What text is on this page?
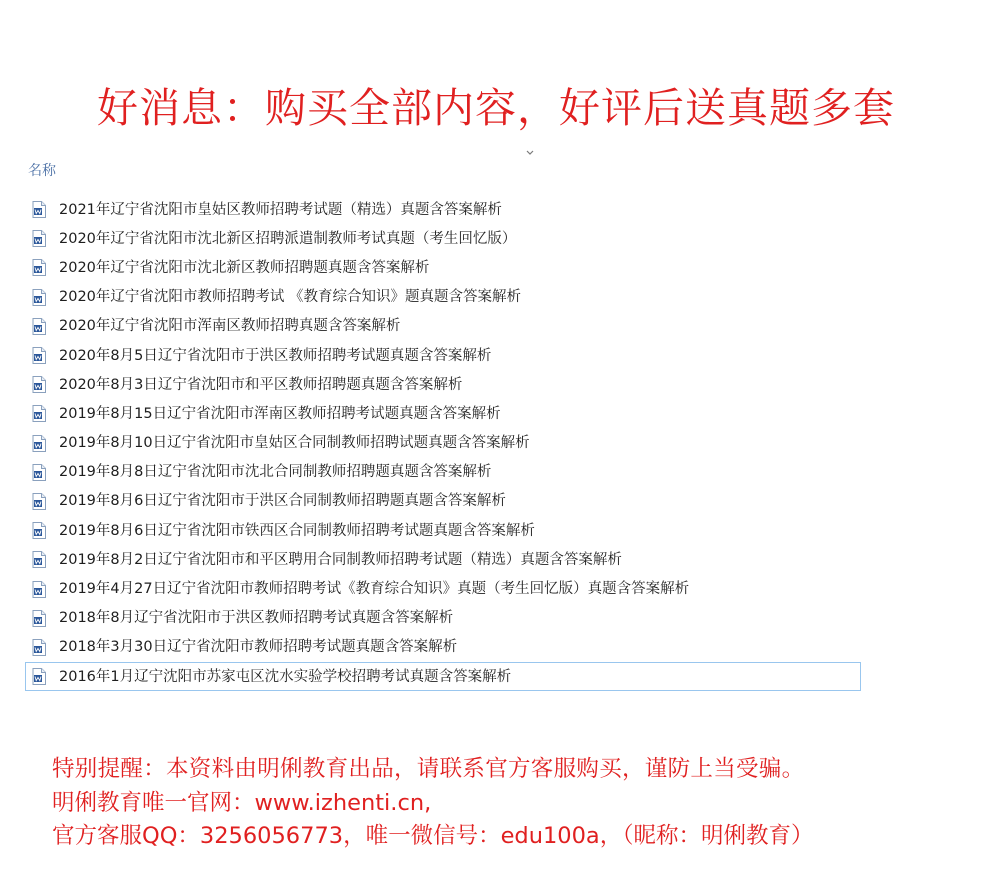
好消息：购买全部内容，好评后送真题多套
名称
2021年辽宁省沈阳市皇姑区教师招聘考试题（精选）真题含答案解析
2020年辽宁省沈阳市沈北新区招聘派遣制教师考试真题（考生回忆版）
2020年辽宁省沈阳市沈北新区教师招聘题真题含答案解析
2020年辽宁省沈阳市教师招聘考试 《教育综合知识》题真题含答案解析
2020年辽宁省沈阳市浑南区教师招聘真题含答案解析
2020年8月5日辽宁省沈阳市于洪区教师招聘考试题真题含答案解析
2020年8月3日辽宁省沈阳市和平区教师招聘题真题含答案解析
2019年8月15日辽宁省沈阳市浑南区教师招聘考试题真题含答案解析
2019年8月10日辽宁省沈阳市皇姑区合同制教师招聘试题真题含答案解析
2019年8月8日辽宁省沈阳市沈北合同制教师招聘题真题含答案解析
2019年8月6日辽宁省沈阳市于洪区合同制教师招聘题真题含答案解析
2019年8月6日辽宁省沈阳市铁西区合同制教师招聘考试题真题含答案解析
2019年8月2日辽宁省沈阳市和平区聘用合同制教师招聘考试题（精选）真题含答案解析
2019年4月27日辽宁省沈阳市教师招聘考试《教育综合知识》真题（考生回忆版）真题含答案解析
2018年8月辽宁省沈阳市于洪区教师招聘考试真题含答案解析
2018年3月30日辽宁省沈阳市教师招聘考试题真题含答案解析
2016年1月辽宁沈阳市苏家屯区沈水实验学校招聘考试真题含答案解析
特别提醒：本资料由明俐教育出品，请联系官方客服购买，谨防上当受骗。
明俐教育唯一官网：www.izhenti.cn,
官方客服QQ：3256056773，唯一微信号：edu100a，（昵称：明俐教育）
